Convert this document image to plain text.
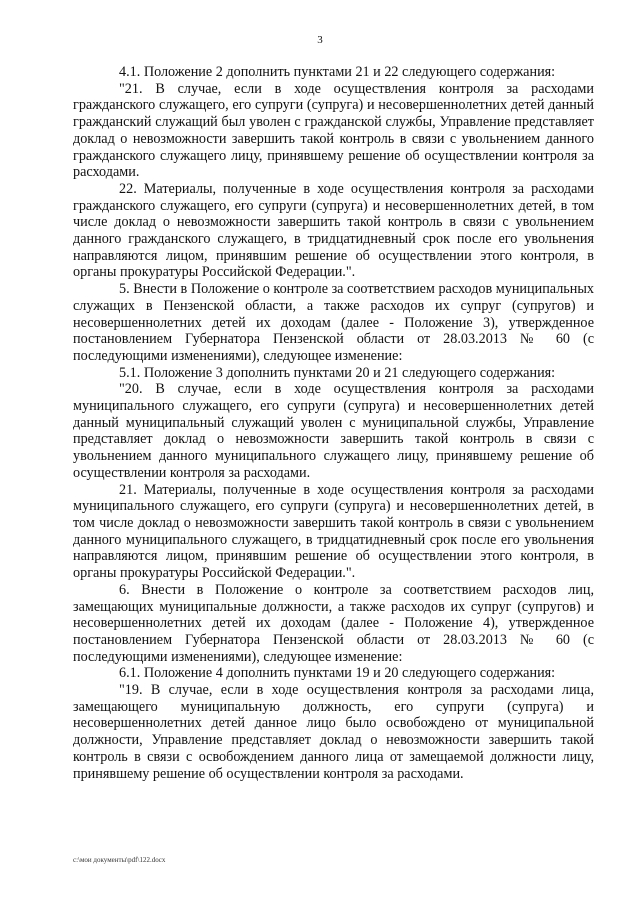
3

4.1. Положение 2 дополнить пунктами 21 и 22 следующего содержания:

"21. В случае, если в ходе осуществления контроля за расходами гражданского служащего, его супруги (супруга) и несовершеннолетних детей данный гражданский служащий был уволен с гражданской службы, Управление представляет доклад о невозможности завершить такой контроль в связи с увольнением данного гражданского служащего лицу, принявшему решение об осуществлении контроля за расходами.

22. Материалы, полученные в ходе осуществления контроля за расходами гражданского служащего, его супруги (супруга) и несовершеннолетних детей, в том числе доклад о невозможности завершить такой контроль в связи с увольнением данного гражданского служащего, в тридцатидневный срок после его увольнения направляются лицом, принявшим решение об осуществлении этого контроля, в органы прокуратуры Российской Федерации.".

5. Внести в Положение о контроле за соответствием расходов муниципальных служащих в Пензенской области, а также расходов их супруг (супругов) и несовершеннолетних детей их доходам (далее - Положение 3), утвержденное постановлением Губернатора Пензенской области от 28.03.2013 № 60 (с последующими изменениями), следующее изменение:

5.1. Положение 3 дополнить пунктами 20 и 21 следующего содержания:

"20. В случае, если в ходе осуществления контроля за расходами муниципального служащего, его супруги (супруга) и несовершеннолетних детей данный муниципальный служащий уволен с муниципальной службы, Управление представляет доклад о невозможности завершить такой контроль в связи с увольнением данного муниципального служащего лицу, принявшему решение об осуществлении контроля за расходами.

21. Материалы, полученные в ходе осуществления контроля за расходами муниципального служащего, его супруги (супруга) и несовершеннолетних детей, в том числе доклад о невозможности завершить такой контроль в связи с увольнением данного муниципального служащего, в тридцатидневный срок после его увольнения направляются лицом, принявшим решение об осуществлении этого контроля, в органы прокуратуры Российской Федерации.".

6. Внести в Положение о контроле за соответствием расходов лиц, замещающих муниципальные должности, а также расходов их супруг (супругов) и несовершеннолетних детей их доходам (далее - Положение 4), утвержденное постановлением Губернатора Пензенской области от 28.03.2013 № 60 (с последующими изменениями), следующее изменение:

6.1. Положение 4 дополнить пунктами 19 и 20 следующего содержания:

"19. В случае, если в ходе осуществления контроля за расходами лица, замещающего муниципальную должность, его супруги (супруга) и несовершеннолетних детей данное лицо было освобождено от муниципальной должности, Управление представляет доклад о невозможности завершить такой контроль в связи с освобождением данного лица от замещаемой должности лицу, принявшему решение об осуществлении контроля за расходами.

c:\мои документы\pdf\122.docx
